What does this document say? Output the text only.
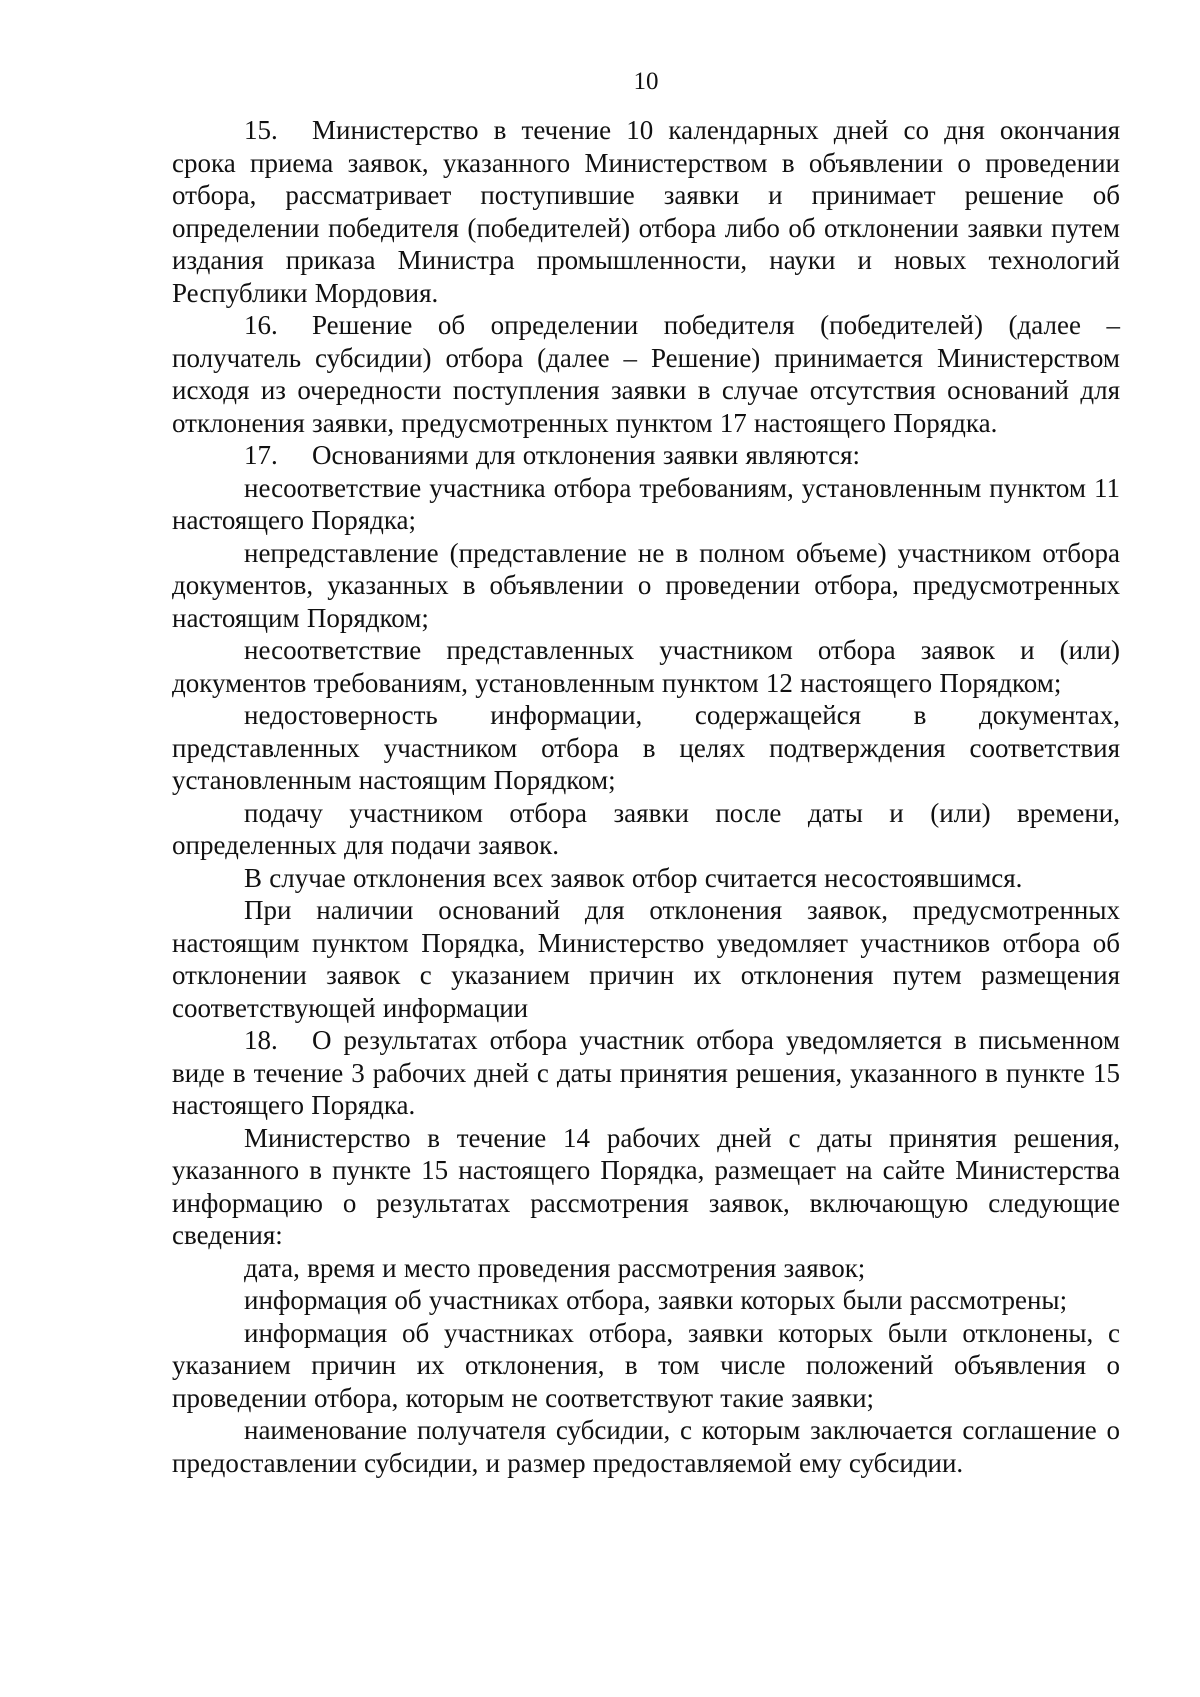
10

15. Министерство в течение 10 календарных дней со дня окончания срока приема заявок, указанного Министерством в объявлении о проведении отбора, рассматривает поступившие заявки и принимает решение об определении победителя (победителей) отбора либо об отклонении заявки путем издания приказа Министра промышленности, науки и новых технологий Республики Мордовия.

16. Решение об определении победителя (победителей) (далее – получатель субсидии) отбора (далее – Решение) принимается Министерством исходя из очередности поступления заявки в случае отсутствия оснований для отклонения заявки, предусмотренных пунктом 17 настоящего Порядка.

17. Основаниями для отклонения заявки являются:

несоответствие участника отбора требованиям, установленным пунктом 11 настоящего Порядка;

непредставление (представление не в полном объеме) участником отбора документов, указанных в объявлении о проведении отбора, предусмотренных настоящим Порядком;

несоответствие представленных участником отбора заявок и (или) документов требованиям, установленным пунктом 12 настоящего Порядком;

недостоверность информации, содержащейся в документах, представленных участником отбора в целях подтверждения соответствия установленным настоящим Порядком;

подачу участником отбора заявки после даты и (или) времени, определенных для подачи заявок.

В случае отклонения всех заявок отбор считается несостоявшимся.

При наличии оснований для отклонения заявок, предусмотренных настоящим пунктом Порядка, Министерство уведомляет участников отбора об отклонении заявок с указанием причин их отклонения путем размещения соответствующей информации

18. О результатах отбора участник отбора уведомляется в письменном виде в течение 3 рабочих дней с даты принятия решения, указанного в пункте 15 настоящего Порядка.

Министерство в течение 14 рабочих дней с даты принятия решения, указанного в пункте 15 настоящего Порядка, размещает на сайте Министерства информацию о результатах рассмотрения заявок, включающую следующие сведения:

дата, время и место проведения рассмотрения заявок;

информация об участниках отбора, заявки которых были рассмотрены;

информация об участниках отбора, заявки которых были отклонены, с указанием причин их отклонения, в том числе положений объявления о проведении отбора, которым не соответствуют такие заявки;

наименование получателя субсидии, с которым заключается соглашение о предоставлении субсидии, и размер предоставляемой ему субсидии.
